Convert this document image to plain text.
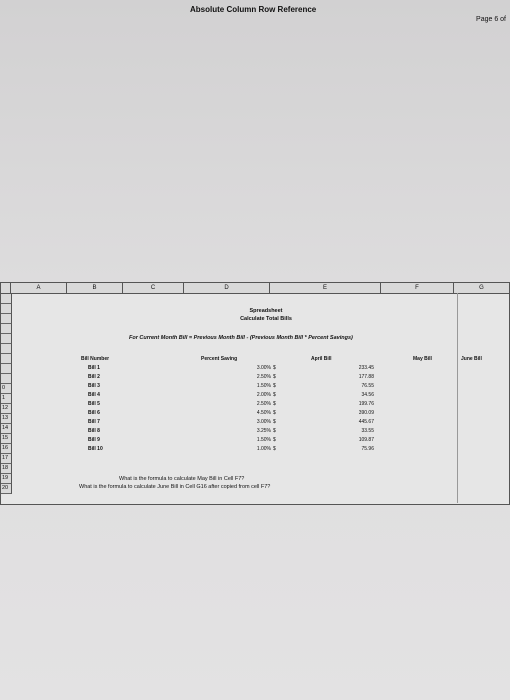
Absolute Column Row Reference
Page 6 of
A	B	C	D	E	F	G
0
1
12
13
14
15
16
17
18
19
20
Spreadsheet
Calculate Total Bills
For Current Month Bill = Previous Month Bill - (Previous Month Bill * Percent Savings)
Bill Number	Percent Saving	April Bill	May Bill	June Bill
Bill 1	3.00% $	233.45
Bill 2	2.50% $	177.88
Bill 3	1.50% $	76.55
Bill 4	2.00% $	34.56
Bill 5	2.50% $	199.76
Bill 6	4.50% $	390.09
Bill 7	3.00% $	445.67
Bill 8	3.25% $	33.55
Bill 9	1.50% $	109.87
Bill 10	1.00% $	75.96
What is the formula to calculate May Bill in Cell F7?
What is the formula to calculate June Bill in Cell G16 after copied from cell F7?
